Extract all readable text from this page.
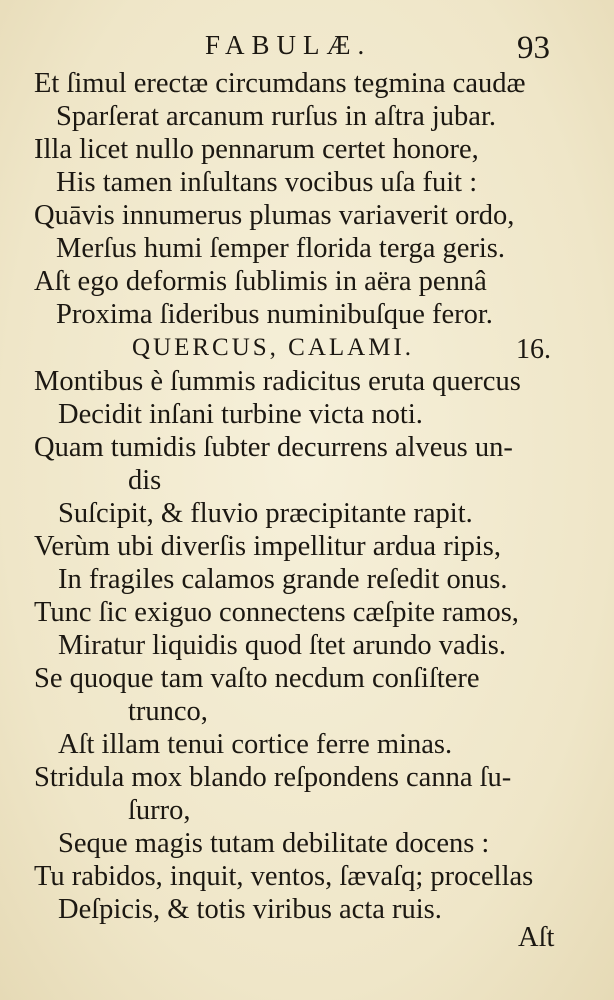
FABULÆ.	93
Et ſimul erectæ circumdans tegmina caudæ
Sparſerat arcanum rurſus in aſtra jubar.
Illa licet nullo pennarum certet honore,
His tamen inſultans vocibus uſa fuit :
Quāvis innumerus plumas variaverit ordo,
Merſus humi ſemper florida terga geris.
Aſt ego deformis ſublimis in aëra pennâ
Proxima ſideribus numinibuſque feror.
QUERCUS, CALAMI.	16.
Montibus è ſummis radicitus eruta quercus
Decidit inſani turbine victa noti.
Quam tumidis ſubter decurrens alveus un-
dis
Suſcipit, & fluvio præcipitante rapit.
Verùm ubi diverſis impellitur ardua ripis,
In fragiles calamos grande reſedit onus.
Tunc ſic exiguo connectens cæſpite ramos,
Miratur liquidis quod ſtet arundo vadis.
Se quoque tam vaſto necdum conſiſtere
trunco,
Aſt illam tenui cortice ferre minas.
Stridula mox blando reſpondens canna ſu-
ſurro,
Seque magis tutam debilitate docens :
Tu rabidos, inquit, ventos, ſævaſq; procellas
Deſpicis, & totis viribus acta ruis.
Aſt
